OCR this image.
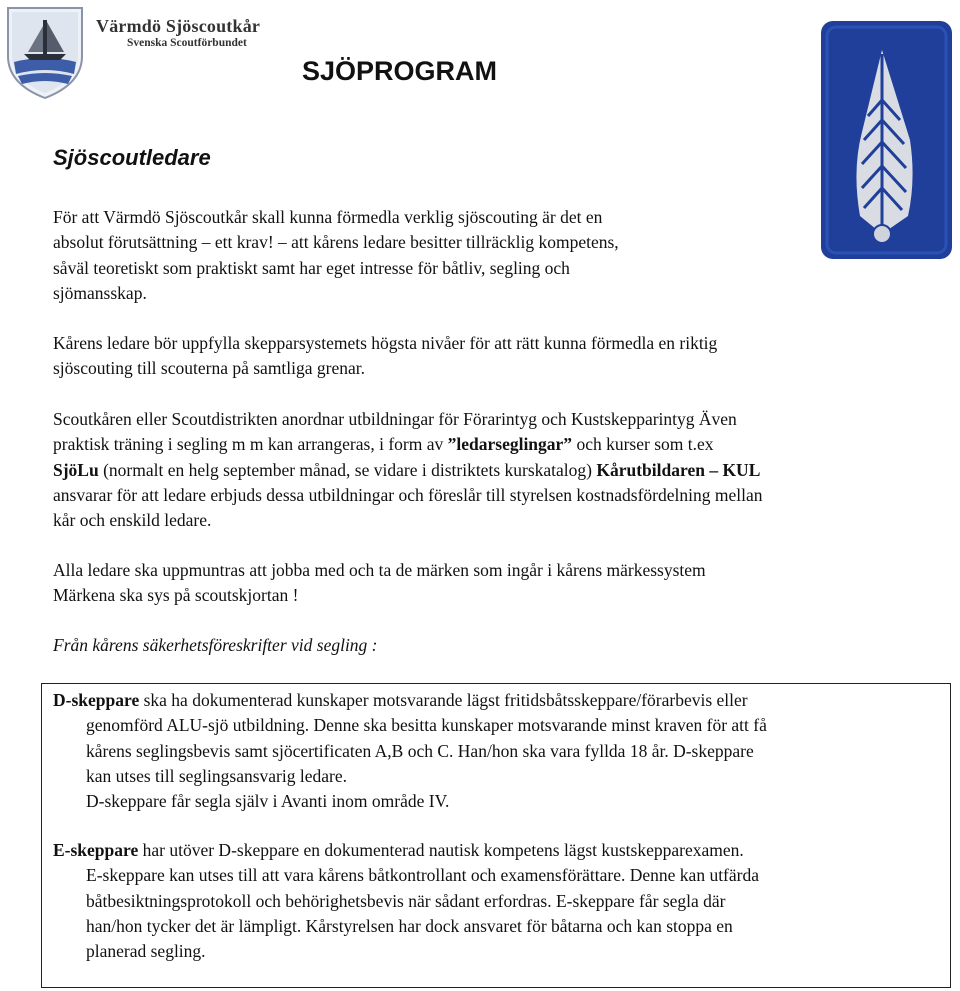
Värmdö Sjöscoutkår
Svenska Scoutförbundet
SJÖPROGRAM
Sjöscoutledare

För att Värmdö Sjöscoutkår skall kunna förmedla verklig sjöscouting är det en

absolut förutsättning – ett krav! – att kårens ledare besitter tillräcklig kompetens,

såväl teoretiskt som praktiskt samt har eget intresse för båtliv, segling och

sjömansskap.

Kårens ledare bör uppfylla skepparsystemets högsta nivåer för att rätt kunna förmedla en riktig

sjöscouting till scouterna på samtliga grenar.

Scoutkåren eller Scoutdistrikten anordnar utbildningar för Förarintyg och Kustskepparintyg Även

praktisk träning i segling m m kan arrangeras, i form av ”ledarseglingar” och kurser som t.ex

SjöLu (normalt en helg september månad, se vidare i distriktets kurskatalog) Kårutbildaren – KUL

ansvarar för att ledare erbjuds dessa utbildningar och föreslår till styrelsen kostnadsfördelning mellan

kår och enskild ledare.

Alla ledare ska uppmuntras att jobba med och ta de märken som ingår i kårens märkessystem

Märkena ska sys på scoutskjortan !

Från kårens säkerhetsföreskrifter vid segling :

D-skeppare ska ha dokumenterad kunskaper motsvarande lägst fritidsbåtsskeppare/förarbevis eller

genomförd ALU-sjö utbildning. Denne ska besitta kunskaper motsvarande minst kraven för att få

kårens seglingsbevis samt sjöcertificaten A,B och C. Han/hon ska vara fyllda 18 år. D-skeppare

kan utses till seglingsansvarig ledare.

D-skeppare får segla själv i Avanti inom område IV.

E-skeppare har utöver D-skeppare en dokumenterad nautisk kompetens lägst kustskepparexamen.

E-skeppare kan utses till att vara kårens båtkontrollant och examensförättare. Denne kan utfärda

båtbesiktningsprotokoll och behörighetsbevis när sådant erfordras. E-skeppare får segla där

han/hon tycker det är lämpligt. Kårstyrelsen har dock ansvaret för båtarna och kan stoppa en

planerad segling.
